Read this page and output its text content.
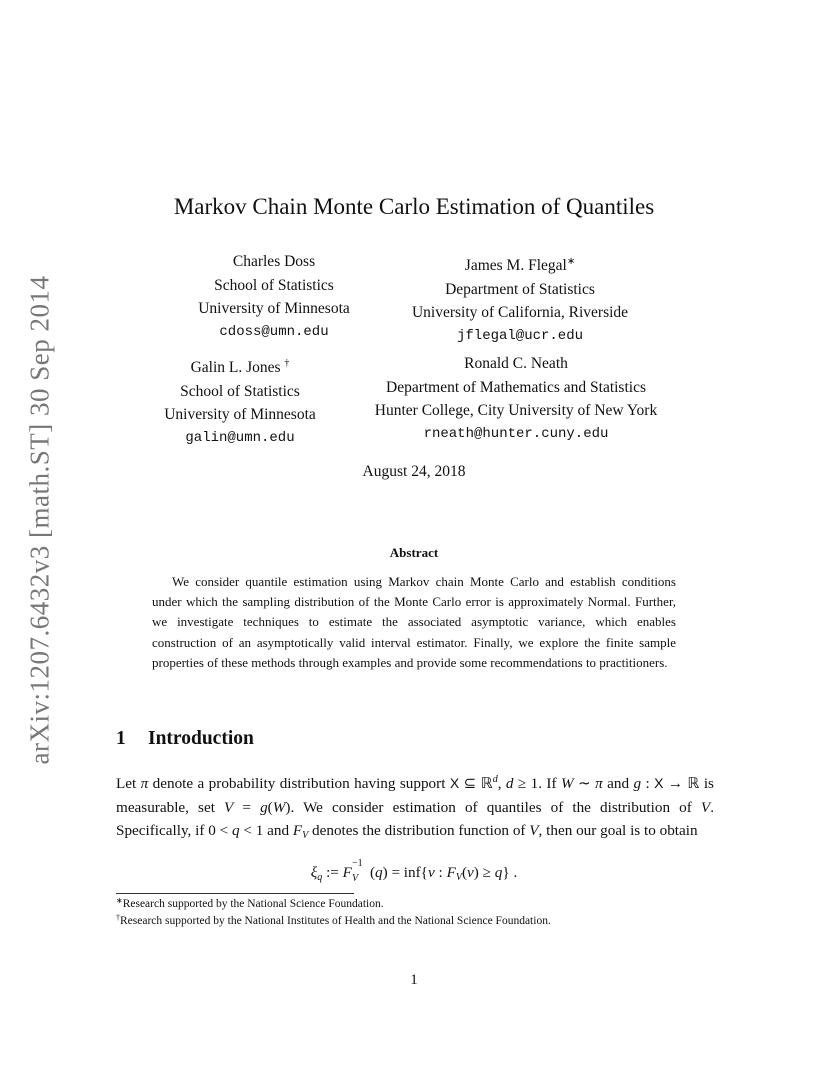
arXiv:1207.6432v3 [math.ST] 30 Sep 2014
Markov Chain Monte Carlo Estimation of Quantiles
Charles Doss
School of Statistics
University of Minnesota
cdoss@umn.edu
James M. Flegal∗
Department of Statistics
University of California, Riverside
jflegal@ucr.edu
Galin L. Jones †
School of Statistics
University of Minnesota
galin@umn.edu
Ronald C. Neath
Department of Mathematics and Statistics
Hunter College, City University of New York
rneath@hunter.cuny.edu
August 24, 2018
Abstract
We consider quantile estimation using Markov chain Monte Carlo and establish conditions under which the sampling distribution of the Monte Carlo error is approximately Normal. Further, we investigate techniques to estimate the associated asymptotic variance, which enables construction of an asymptotically valid interval estimator. Finally, we explore the finite sample properties of these methods through examples and provide some recommendations to practitioners.
1 Introduction
Let π denote a probability distribution having support X ⊆ ℝ$^d$, d ≥ 1. If W ∼ π and g : X → ℝ is measurable, set V = g(W). We consider estimation of quantiles of the distribution of V. Specifically, if 0 < q < 1 and $F_V$ denotes the distribution function of V, then our goal is to obtain
$\xi_q$ := F
−1
V (q) = inf{v : $F_V(v) \ge q$} .
∗Research supported by the National Science Foundation.
†Research supported by the National Institutes of Health and the National Science Foundation.
1
